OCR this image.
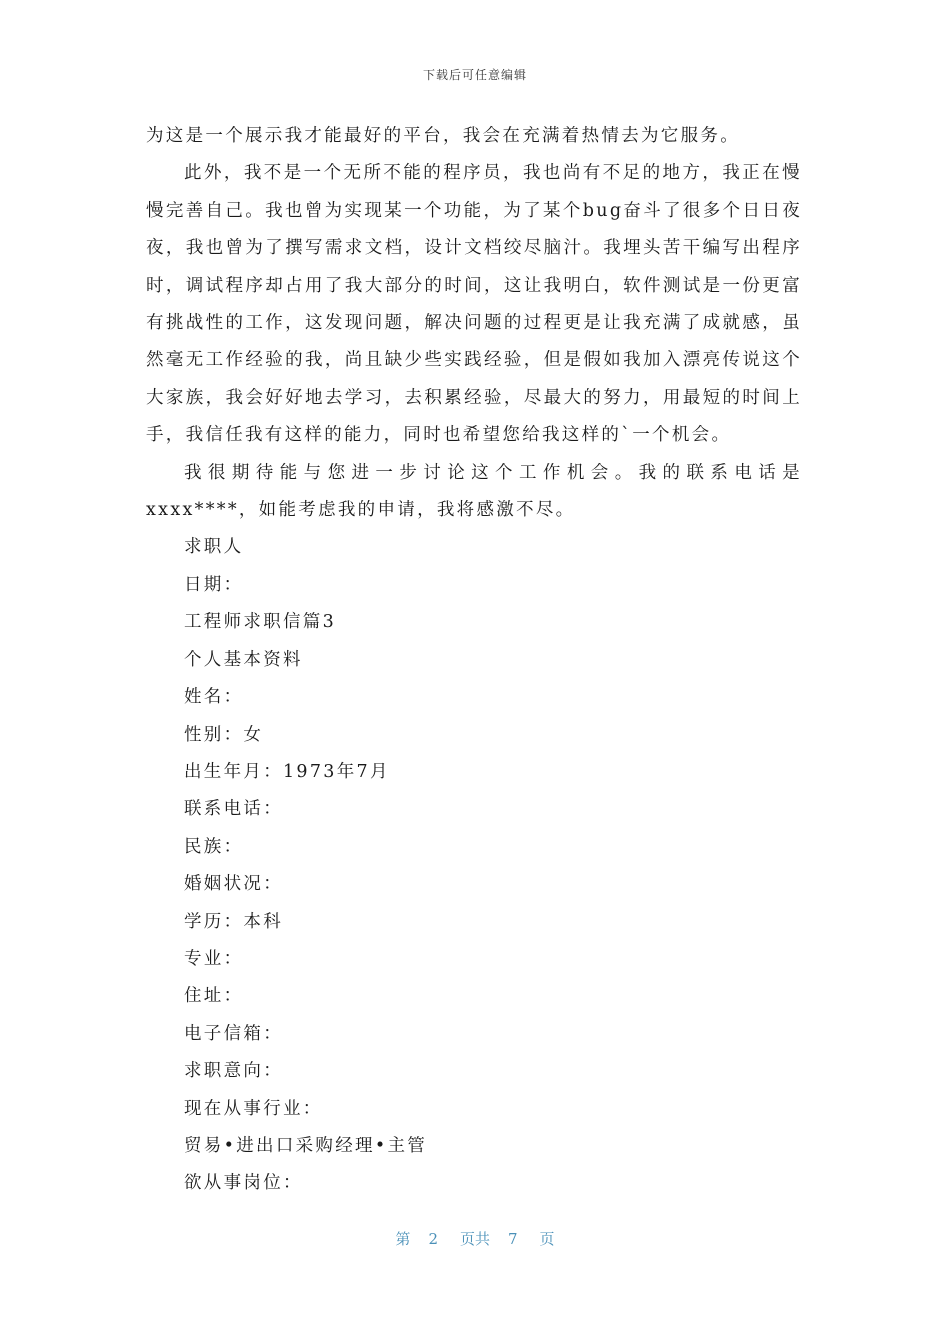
下载后可任意编辑

为这是一个展示我才能最好的平台，我会在充满着热情去为它服务。

此外，我不是一个无所不能的程序员，我也尚有不足的地方，我正在慢慢完善自己。我也曾为实现某一个功能，为了某个bug奋斗了很多个日日夜夜，我也曾为了撰写需求文档，设计文档绞尽脑汁。我埋头苦干编写出程序时，调试程序却占用了我大部分的时间，这让我明白，软件测试是一份更富有挑战性的工作，这发现问题，解决问题的过程更是让我充满了成就感，虽然毫无工作经验的我，尚且缺少些实践经验，但是假如我加入漂亮传说这个大家族，我会好好地去学习，去积累经验，尽最大的努力，用最短的时间上手，我信任我有这样的能力，同时也希望您给我这样的`一个机会。

我很期待能与您进一步讨论这个工作机会。我的联系电话是xxxx****，如能考虑我的申请，我将感激不尽。

求职人

日期：

工程师求职信篇3

个人基本资料

姓名：

性别：女

出生年月：1973年7月

联系电话：

民族：

婚姻状况：

学历：本科

专业：

住址：

电子信箱：

求职意向：

现在从事行业：

贸易•进出口采购经理•主管

欲从事岗位：

第 2 页共 7 页
